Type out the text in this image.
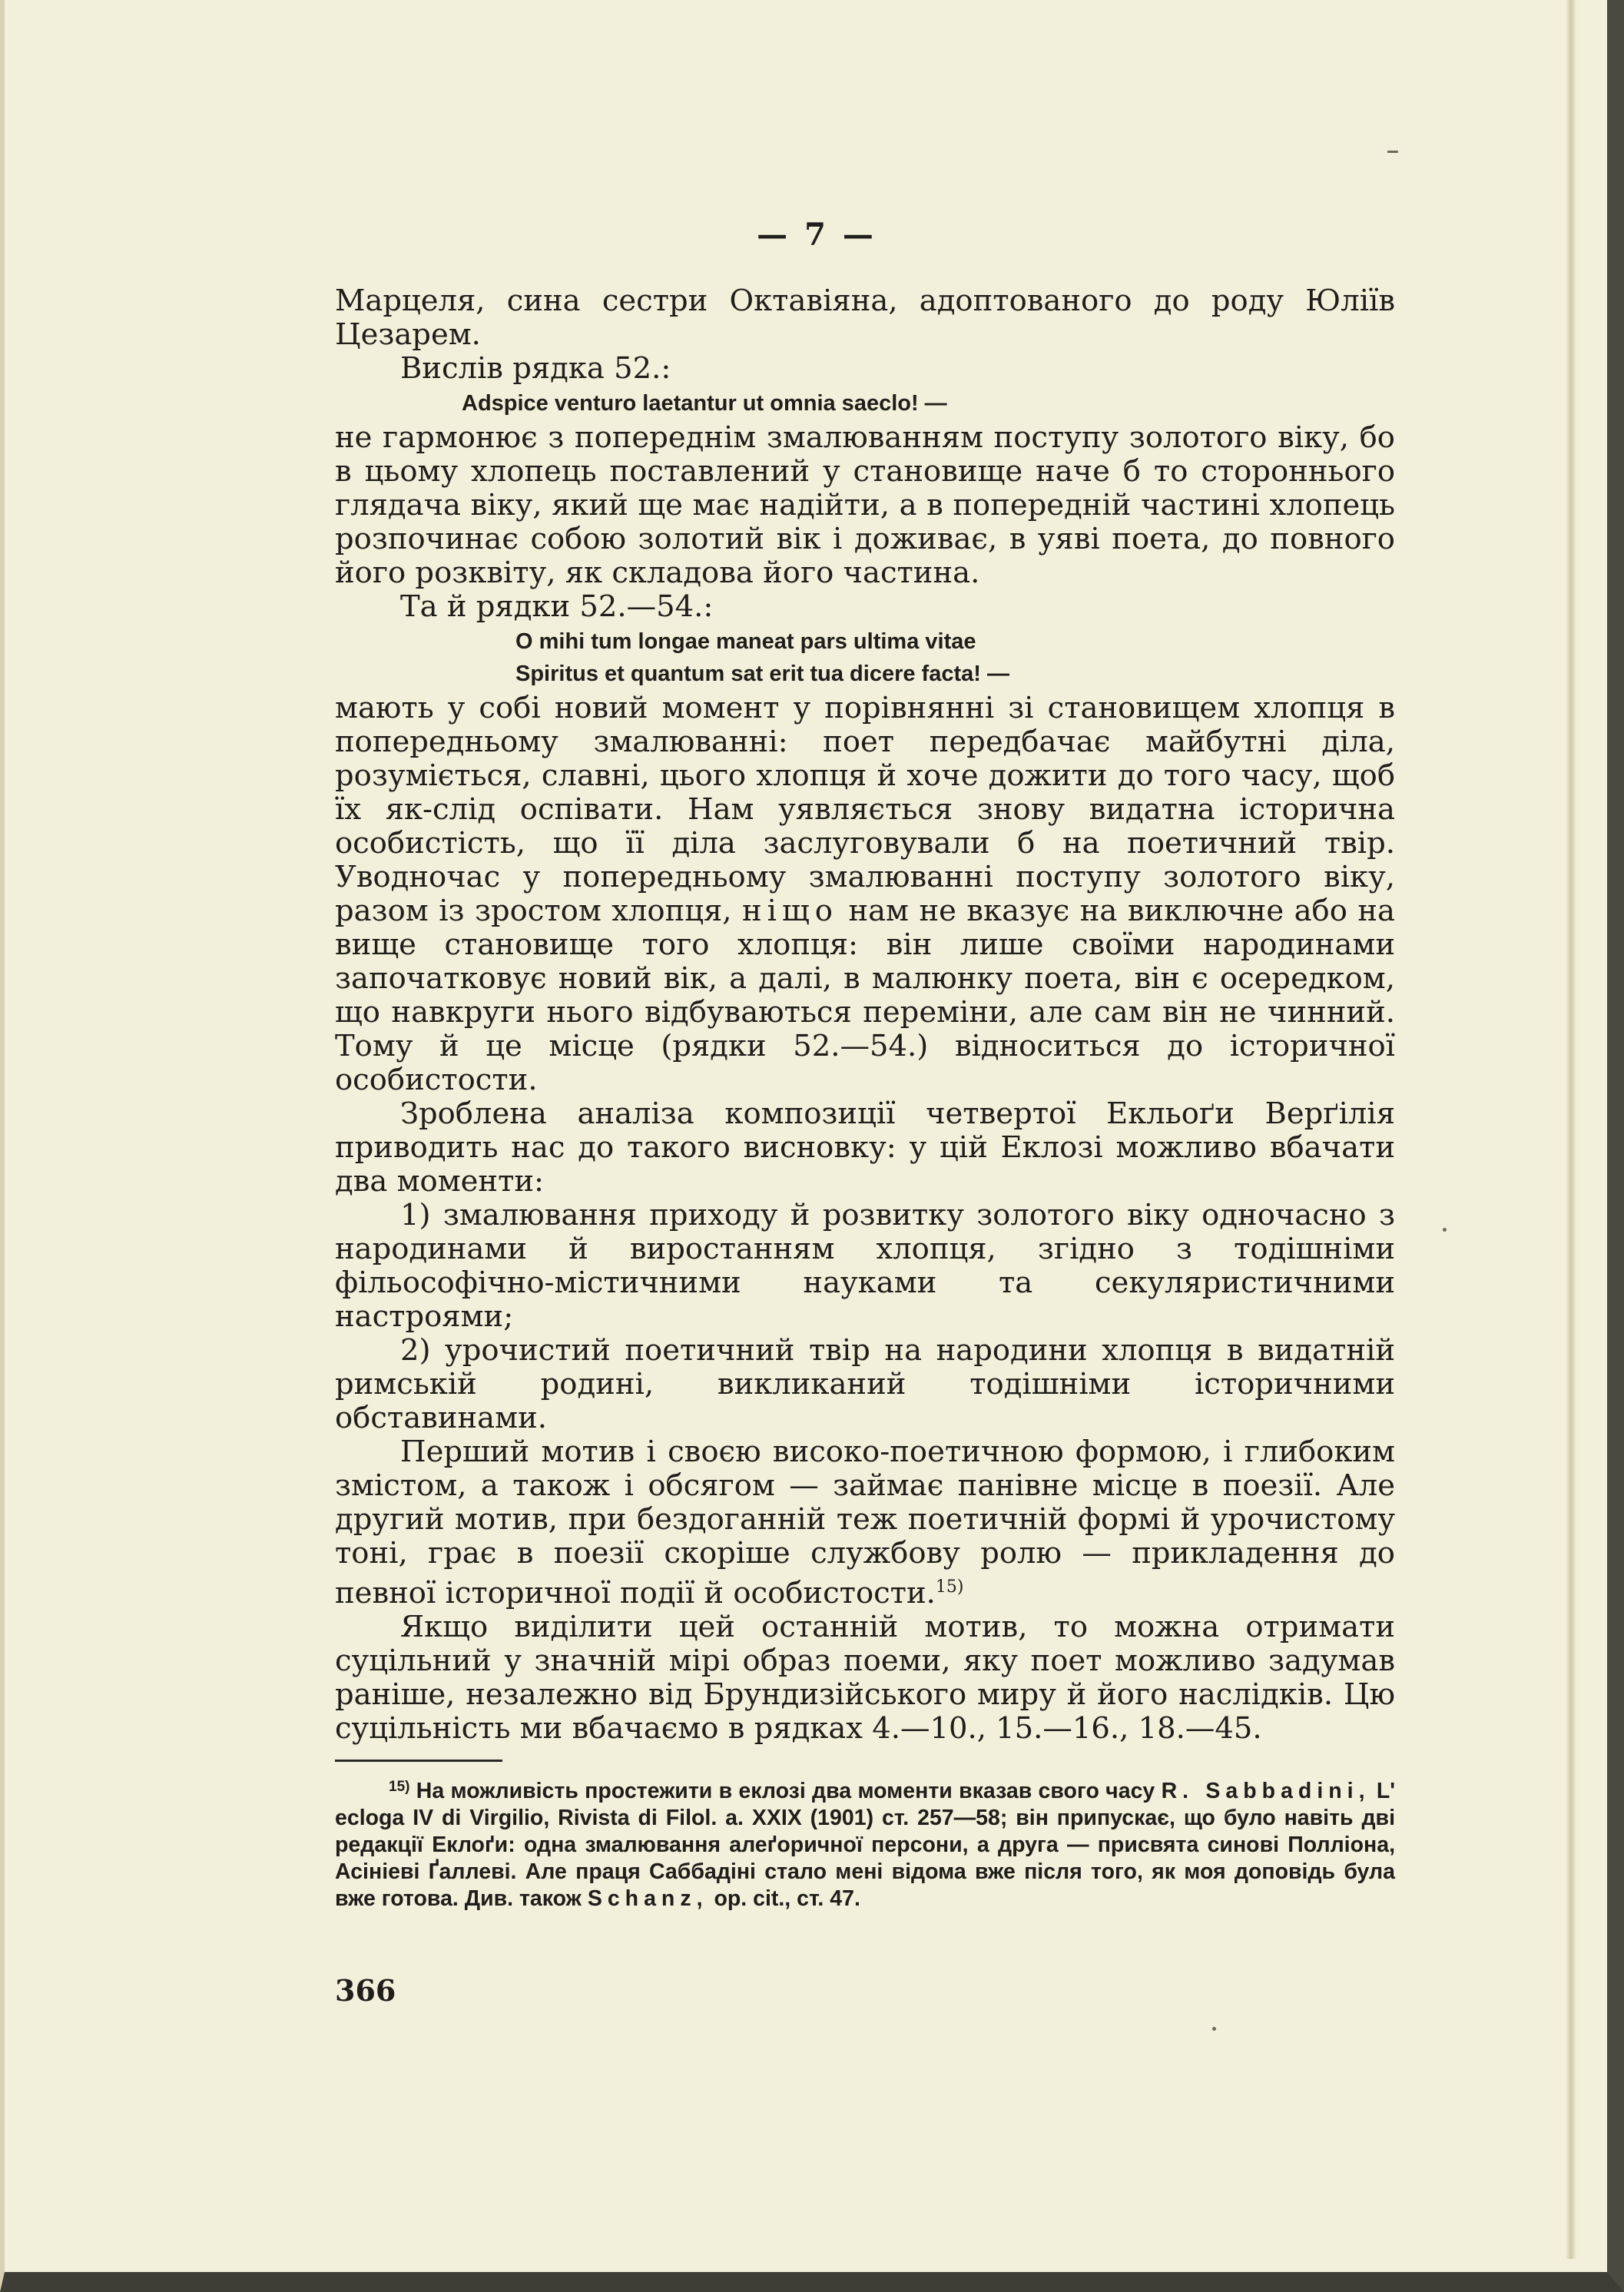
— 7 —

Марцеля, сина сестри Октавіяна, адоптованого до роду Юліїв

Цезарем.

Вислів рядка 52.:

Adspice venturo laetantur ut omnia saeclo! —

не гармонює з попереднім змалюванням поступу золотого віку, бо в цьому хлопець поставлений у становище наче б то стороннього глядача віку, який ще має надійти, а в попередній частині хлопець розпочинає собою золотий вік і доживає, в уяві поета, до повного його розквіту, як складова його частина.

Та й рядки 52.—54.:

O mihi tum longae maneat pars ultima vitae
Spiritus et quantum sat erit tua dicere facta! —

мають у собі новий момент у порівнянні зі становищем хлопця в попередньому змалюванні: поет передбачає майбутні діла, розуміється, славні, цього хлопця й хоче дожити до того часу, щоб їх як-слід оспівати. Нам уявляється знову видатна історична особистість, що її діла заслуговували б на поетичний твір. Уводночас у попередньому змалюванні поступу золотого віку, разом із зростом хлопця, ніщо нам не вказує на виключне або на вище становище того хлопця: він лише своїми народинами започатковує новий вік, а далі, в малюнку поета, він є осередком, що навкруги нього відбуваються переміни, але сам він не чинний. Тому й це місце (рядки 52.—54.) відноситься до історичної особистости.

Зроблена аналіза композиції четвертої Екльоґи Верґілія приводить нас до такого висновку: у цій Еклозі можливо вбачати два моменти:

1) змалювання приходу й розвитку золотого віку одночасно з народинами й виростанням хлопця, згідно з тодішніми фільософічно-містичними науками та секуляристичними настроями;

2) урочистий поетичний твір на народини хлопця в видатній римській родині, викликаний тодішніми історичними обставинами.

Перший мотив і своєю високо-поетичною формою, і глибоким змістом, а також і обсягом — займає панівне місце в поезії. Але другий мотив, при бездоганній теж поетичній формі й урочистому тоні, грає в поезії скоріше службову ролю — прикладення до певної історичної події й особистости.$^{15)}$

Якщо виділити цей останній мотив, то можна отримати суцільний у значній мірі образ поеми, яку поет можливо задумав раніше, незалежно від Брундизійського миру й його наслідків. Цю суцільність ми вбачаємо в рядках 4.—10., 15.—16., 18.—45.

$^{15)}$ На можливість простежити в еклозі два моменти вказав свого часу R. Sabbadini, L' ecloga IV di Virgilio, Rivista di Filol. a. XXIX (1901) ст. 257—58; він припускає, що було навіть дві редакції Еклоґи: одна змалювання алеґоричної персони, а друга — присвята синові Полліона, Асініеві Ґаллеві. Але праця Саббадіні стало мені відома вже після того, як моя доповідь була вже готова. Див. також Schanz, op. cit., ст. 47.

366
